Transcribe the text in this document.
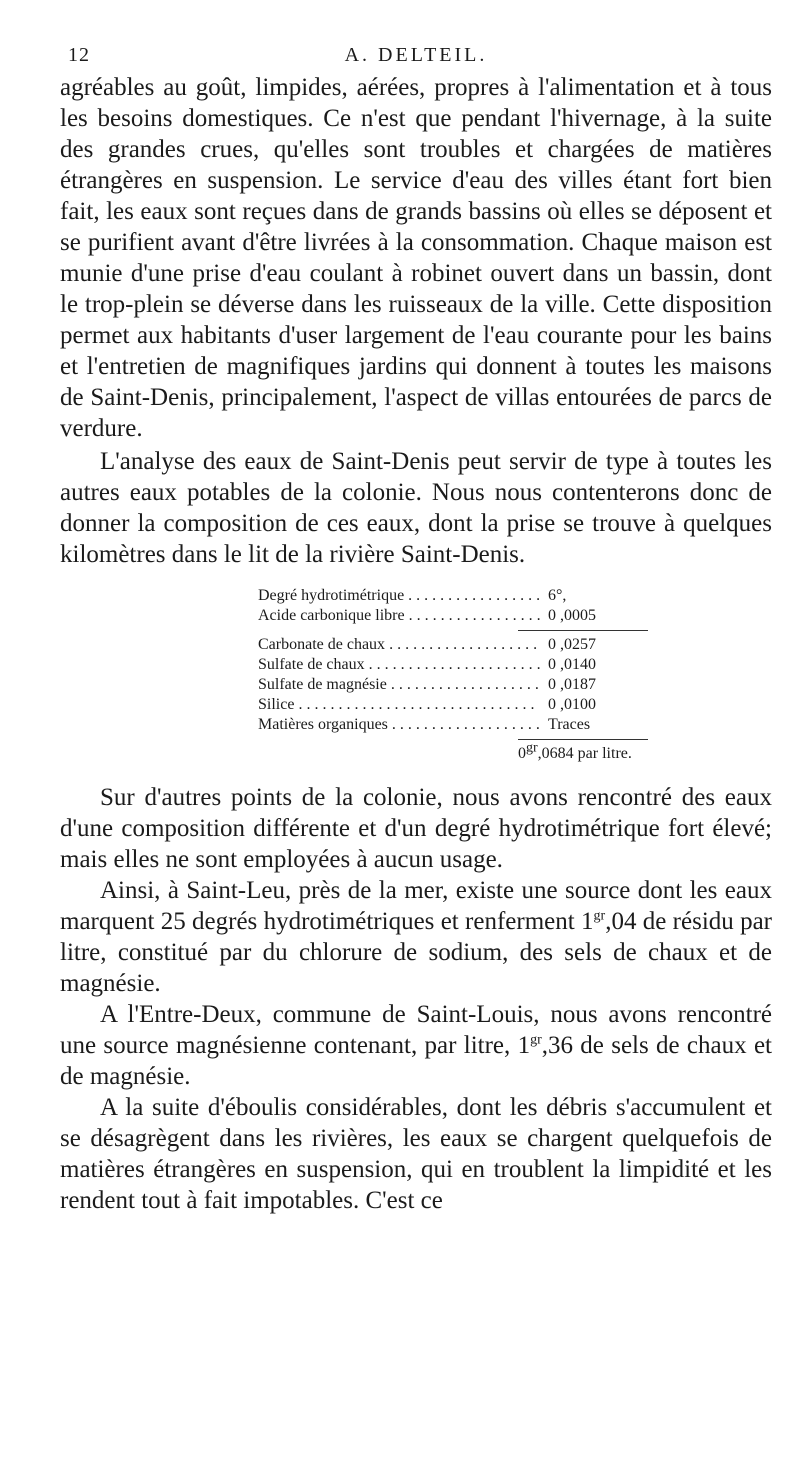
12	A. DELTEIL.

agréables au goût, limpides, aérées, propres à l'alimentation et à tous les besoins domestiques. Ce n'est que pendant l'hivernage, à la suite des grandes crues, qu'elles sont troubles et chargées de matières étrangères en suspension. Le service d'eau des villes étant fort bien fait, les eaux sont reçues dans de grands bassins où elles se déposent et se purifient avant d'être livrées à la consommation. Chaque maison est munie d'une prise d'eau coulant à robinet ouvert dans un bassin, dont le trop-plein se déverse dans les ruisseaux de la ville. Cette disposition permet aux habitants d'user largement de l'eau courante pour les bains et l'entretien de magnifiques jardins qui donnent à toutes les maisons de Saint-Denis, principalement, l'aspect de villas entourées de parcs de verdure.

L'analyse des eaux de Saint-Denis peut servir de type à toutes les autres eaux potables de la colonie. Nous nous contenterons donc de donner la composition de ces eaux, dont la prise se trouve à quelques kilomètres dans le lit de la rivière Saint-Denis.

Degré hydrotimétrique . . .	6°,
Acide carbonique libre . . .	0 ,0005
Carbonate de chaux . . .	0 ,0257
Sulfate de chaux . . .	0 ,0140
Sulfate de magnésie . . .	0 ,0187
Silice . . .	0 ,0100
Matières organiques . . .	Traces
$0^{gr},0684$ par litre.

Sur d'autres points de la colonie, nous avons rencontré des eaux d'une composition différente et d'un degré hydrotimétrique fort élevé; mais elles ne sont employées à aucun usage.

Ainsi, à Saint-Leu, près de la mer, existe une source dont les eaux marquent 25 degrés hydrotimétriques et renferment $1^{gr},04$ de résidu par litre, constitué par du chlorure de sodium, des sels de chaux et de magnésie.

A l'Entre-Deux, commune de Saint-Louis, nous avons rencontré une source magnésienne contenant, par litre, $1^{gr},36$ de sels de chaux et de magnésie.

A la suite d'éboulis considérables, dont les débris s'accumulent et se désagrègent dans les rivières, les eaux se chargent quelquefois de matières étrangères en suspension, qui en troublent la limpidité et les rendent tout à fait impotables. C'est ce
